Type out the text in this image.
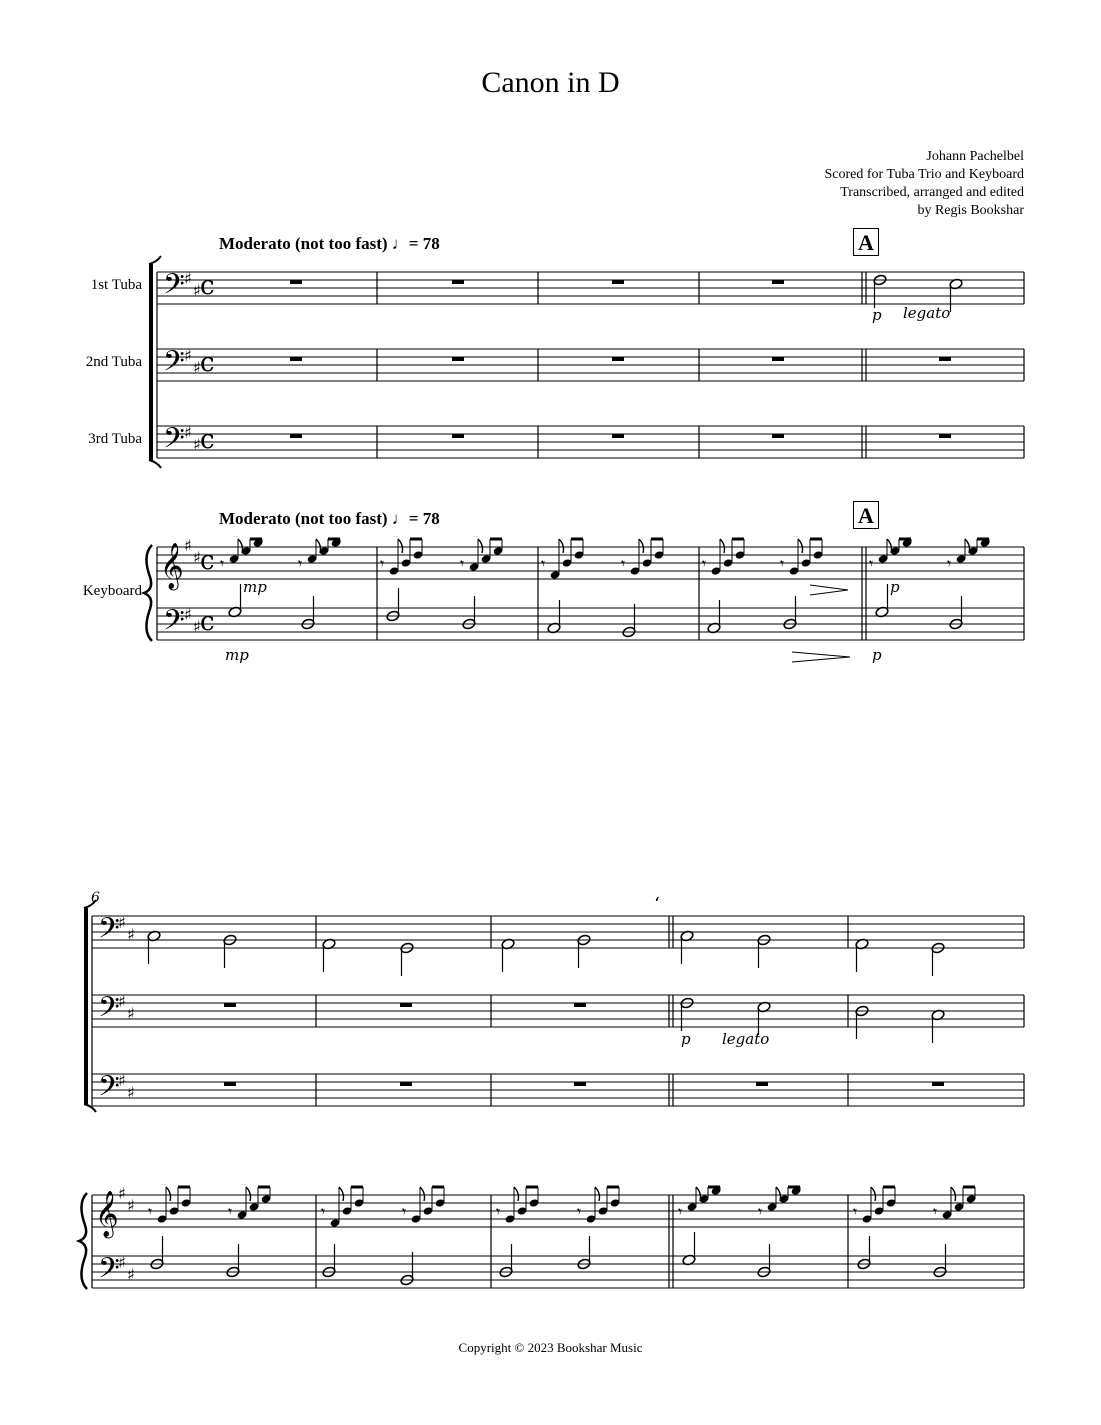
Canon in D
Johann Pachelbel
Scored for Tuba Trio and Keyboard
Transcribed, arranged and edited
by Regis Bookshar
Moderato (not too fast) ♩= 78
Moderato (not too fast) ♩= 78
A
A
1st Tuba
2nd Tuba
3rd Tuba
Keyboard
𝄢 ♯
♯ c
𝄢 ♯
♯ c
𝄢 ♯
♯ c
p legato
𝄞 ♯
♯ c
𝄢 ♯
♯ c
𝄾	𝄾	𝄾	𝄾	𝄾	𝄾	𝄾	𝄾	𝄾	𝄾
mp
mp
p
p
𝄢
♯
♯
𝄢
♯
♯
𝄢
♯
♯
6	ʻ
p legato
𝄞 ♯
♯
𝄢
♯
♯
𝄾	𝄾	𝄾	𝄾	𝄾	𝄾	𝄾	𝄾	𝄾	𝄾
Copyright © 2023 Bookshar Music
